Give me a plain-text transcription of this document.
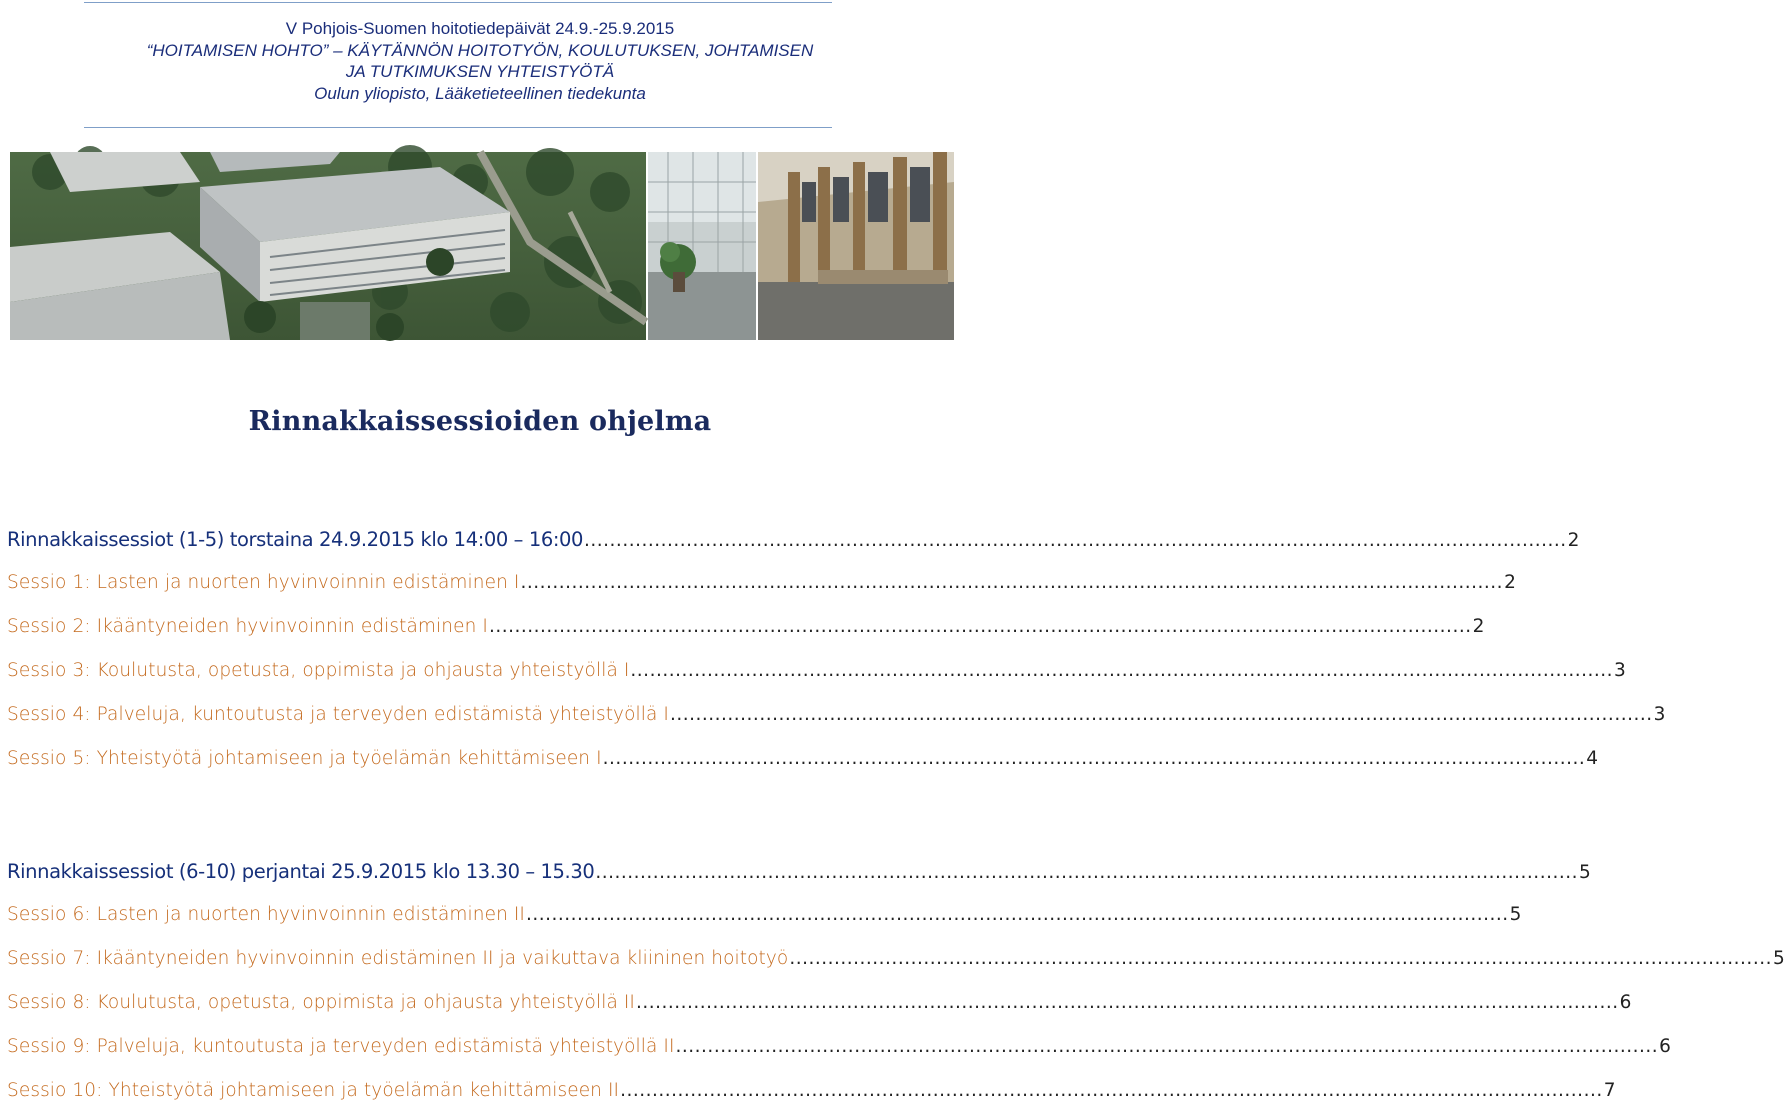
V Pohjois-Suomen hoitotiedepäivät 24.9.-25.9.2015
“HOITAMISEN HOHTO” – KÄYTÄNNÖN HOITOTYÖN, KOULUTUKSEN, JOHTAMISEN
JA TUTKIMUKSEN YHTEISTYÖTÄ
Oulun yliopisto, Lääketieteellinen tiedekunta
Rinnakkaissessioiden ohjelma
Rinnakkaissessiot (1-5) torstaina 24.9.2015 klo 14:00 – 16:00 .......................................................................................................................................................... 2
Sessio 1: Lasten ja nuorten hyvinvoinnin edistäminen I .......................................................................................................................................................... 2
Sessio 2: Ikääntyneiden hyvinvoinnin edistäminen I .......................................................................................................................................................... 2
Sessio 3: Koulutusta, opetusta, oppimista ja ohjausta yhteistyöllä I .......................................................................................................................................................... 3
Sessio 4: Palveluja, kuntoutusta ja terveyden edistämistä yhteistyöllä I .......................................................................................................................................................... 3
Sessio 5: Yhteistyötä johtamiseen ja työelämän kehittämiseen I .......................................................................................................................................................... 4
Rinnakkaissessiot (6-10) perjantai 25.9.2015 klo 13.30 – 15.30 .......................................................................................................................................................... 5
Sessio 6: Lasten ja nuorten hyvinvoinnin edistäminen II .......................................................................................................................................................... 5
Sessio 7: Ikääntyneiden hyvinvoinnin edistäminen II ja vaikuttava kliininen hoitotyö .......................................................................................................................................................... 5
Sessio 8: Koulutusta, opetusta, oppimista ja ohjausta yhteistyöllä II .......................................................................................................................................................... 6
Sessio 9: Palveluja, kuntoutusta ja terveyden edistämistä yhteistyöllä II .......................................................................................................................................................... 6
Sessio 10: Yhteistyötä johtamiseen ja työelämän kehittämiseen II .......................................................................................................................................................... 7
